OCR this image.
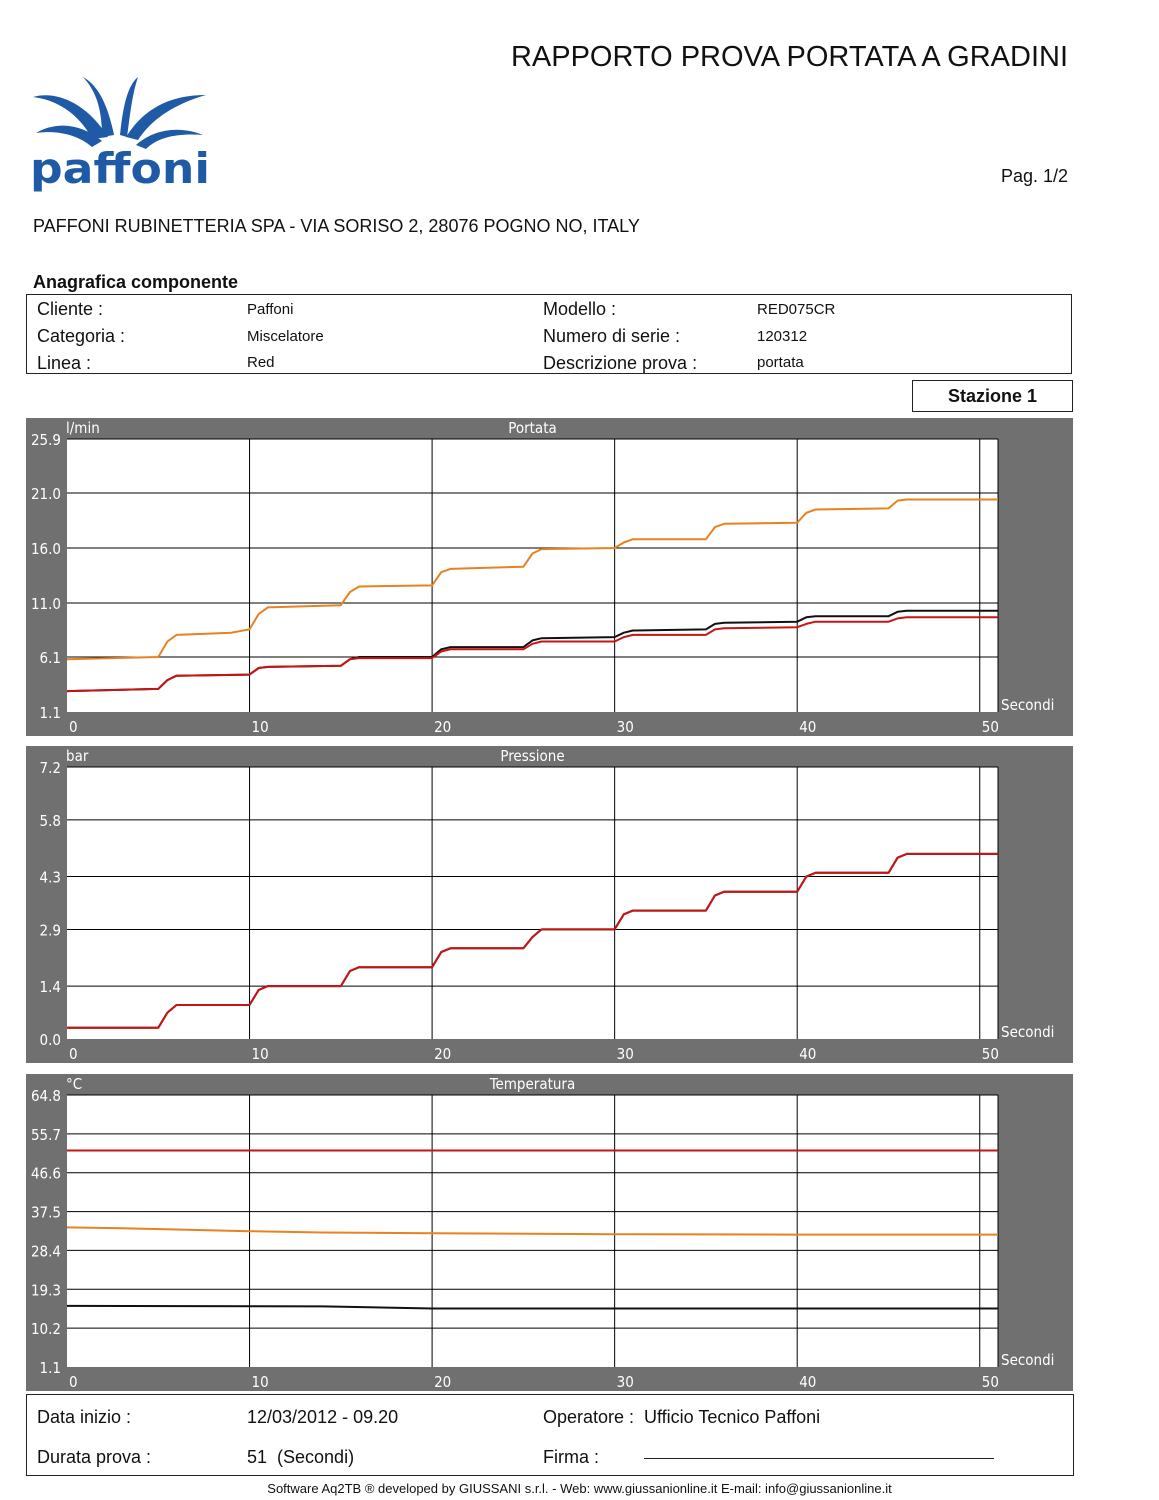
paffoni
RAPPORTO PROVA PORTATA A GRADINI
Pag. 1/2
PAFFONI RUBINETTERIA SPA - VIA SORISO 2, 28076 POGNO NO, ITALY
Anagrafica componente
Cliente :	Paffoni
Categoria :	Miscelatore
Linea :	Red
Modello :	RED075CR
Numero di serie :	120312
Descrizione prova :	portata
Stazione 1
25.9
21.0
16.0
11.0
6.1
1.1
0	10	20	30	40	50
Portata
l/min
Secondi
7.2
5.8
4.3
2.9
1.4
0.0
0	10	20	30	40	50
Pressione
bar
Secondi
64.8
55.7
46.6
37.5
28.4
19.3
10.2
1.1
0	10	20	30	40	50
Temperatura
°C
Secondi
Data inizio :	12/03/2012 - 09.20
Durata prova :	51  (Secondi)
Operatore : Ufficio Tecnico Paffoni
Firma :
Software Aq2TB ® developed by GIUSSANI s.r.l. - Web: www.giussanionline.it E-mail: info@giussanionline.it
